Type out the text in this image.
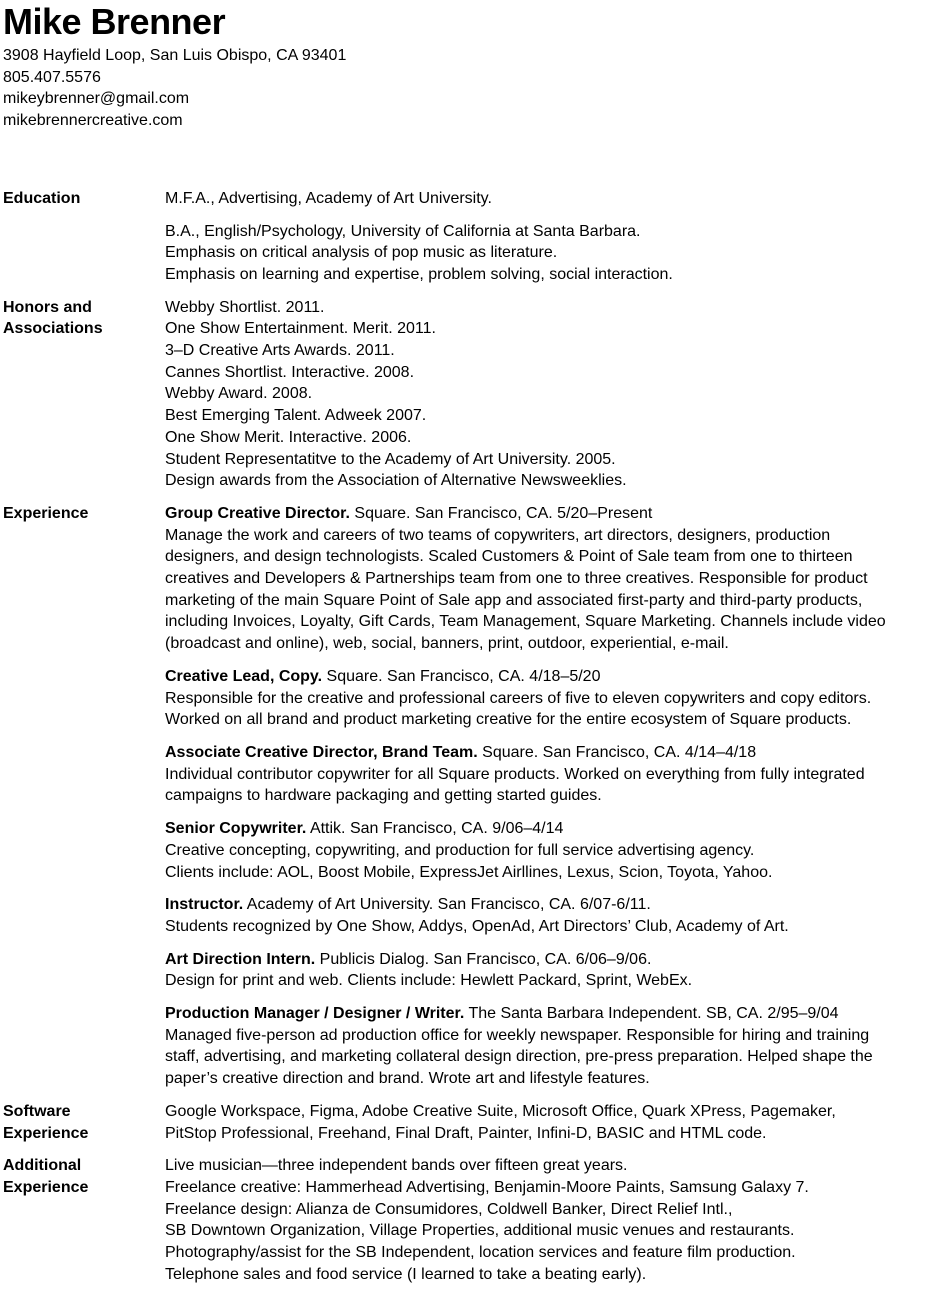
Mike Brenner
3908 Hayfield Loop, San Luis Obispo, CA 93401
805.407.5576
mikeybrenner@gmail.com
mikebrennercreative.com
Education	M.F.A., Advertising, Academy of Art University.

B.A., English/Psychology, University of California at Santa Barbara.
Emphasis on critical analysis of pop music as literature.
Emphasis on learning and expertise, problem solving, social interaction.

Honors and
Associations

Webby Shortlist. 2011.
One Show Entertainment. Merit. 2011.
3–D Creative Arts Awards. 2011.
Cannes Shortlist. Interactive. 2008.
Webby Award. 2008.
Best Emerging Talent. Adweek 2007.
One Show Merit. Interactive. 2006.
Student Representatitve to the Academy of Art University. 2005.
Design awards from the Association of Alternative Newsweeklies.

Experience	Group Creative Director. Square. San Francisco, CA. 5/20–Present
Manage the work and careers of two teams of copywriters, art directors, designers, production
designers, and design technologists. Scaled Customers & Point of Sale team from one to thirteen
creatives and Developers & Partnerships team from one to three creatives. Responsible for product
marketing of the main Square Point of Sale app and associated first-party and third-party products,
including Invoices, Loyalty, Gift Cards, Team Management, Square Marketing. Channels include video
(broadcast and online), web, social, banners, print, outdoor, experiential, e-mail.

Creative Lead, Copy. Square. San Francisco, CA. 4/18–5/20
Responsible for the creative and professional careers of five to eleven copywriters and copy editors.
Worked on all brand and product marketing creative for the entire ecosystem of Square products.

Associate Creative Director, Brand Team. Square. San Francisco, CA. 4/14–4/18
Individual contributor copywriter for all Square products. Worked on everything from fully integrated
campaigns to hardware packaging and getting started guides.

Senior Copywriter. Attik. San Francisco, CA. 9/06–4/14
Creative concepting, copywriting, and production for full service advertising agency.
Clients include: AOL, Boost Mobile, ExpressJet Airllines, Lexus, Scion, Toyota, Yahoo.

Instructor. Academy of Art University. San Francisco, CA. 6/07-6/11.
Students recognized by One Show, Addys, OpenAd, Art Directors’ Club, Academy of Art.

Art Direction Intern. Publicis Dialog. San Francisco, CA. 6/06–9/06.
Design for print and web. Clients include: Hewlett Packard, Sprint, WebEx.

Production Manager / Designer / Writer. The Santa Barbara Independent. SB, CA. 2/95–9/04
Managed five-person ad production office for weekly newspaper. Responsible for hiring and training
staff, advertising, and marketing collateral design direction, pre-press preparation. Helped shape the
paper’s creative direction and brand. Wrote art and lifestyle features.

Software
Experience

Google Workspace, Figma, Adobe Creative Suite, Microsoft Office, Quark XPress, Pagemaker,
PitStop Professional, Freehand, Final Draft, Painter, Infini-D, BASIC and HTML code.

Additional
Experience

Live musician—three independent bands over fifteen great years.
Freelance creative: Hammerhead Advertising, Benjamin-Moore Paints, Samsung Galaxy 7.
Freelance design: Alianza de Consumidores, Coldwell Banker, Direct Relief Intl.,
SB Downtown Organization, Village Properties, additional music venues and restaurants.
Photography/assist for the SB Independent, location services and feature film production.
Telephone sales and food service (I learned to take a beating early).
